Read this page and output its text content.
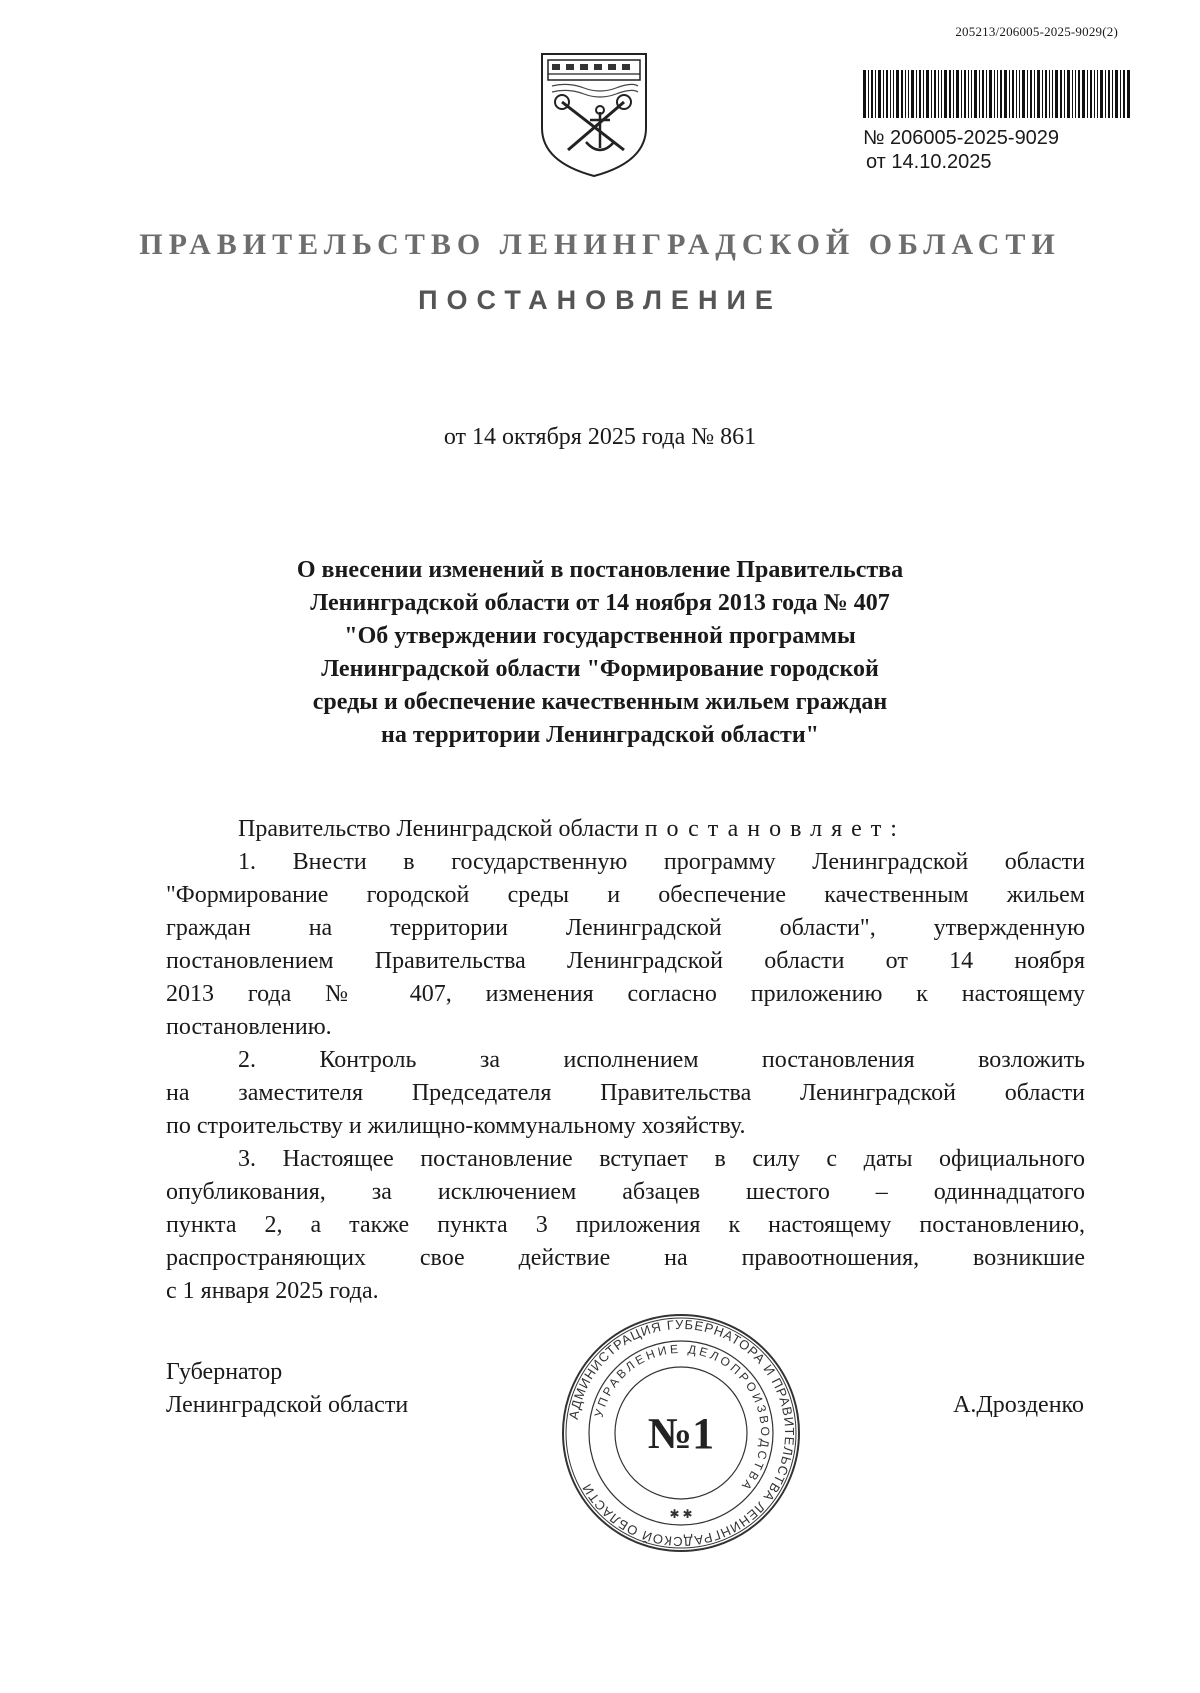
205213/206005-2025-9029(2)
№ 206005-2025-9029
от 14.10.2025
ПРАВИТЕЛЬСТВО ЛЕНИНГРАДСКОЙ ОБЛАСТИ
ПОСТАНОВЛЕНИЕ
от 14 октября 2025 года № 861
О внесении изменений в постановление Правительства
Ленинградской области от 14 ноября 2013 года № 407
"Об утверждении государственной программы
Ленинградской области "Формирование городской
среды и обеспечение качественным жильем граждан
на территории Ленинградской области"
Правительство Ленинградской области постановляет:
1. Внести в государственную программу Ленинградской области
"Формирование городской среды и обеспечение качественным жильем
граждан на территории Ленинградской области", утвержденную
постановлением Правительства Ленинградской области от 14 ноября
2013 года № 407, изменения согласно приложению к настоящему
постановлению.
2. Контроль за исполнением постановления возложить
на заместителя Председателя Правительства Ленинградской области
по строительству и жилищно-коммунальному хозяйству.
3. Настоящее постановление вступает в силу с даты официального
опубликования, за исключением абзацев шестого – одиннадцатого
пункта 2, а также пункта 3 приложения к настоящему постановлению,
распространяющих свое действие на правоотношения, возникшие
с 1 января 2025 года.
Губернатор
Ленинградской области	А.Дрозденко
АДМИНИСТРАЦИЯ ГУБЕРНАТОРА И ПРАВИТЕЛЬСТВА ЛЕНИНГРАДСКОЙ ОБЛАСТИ
УПРАВЛЕНИЕ ДЕЛОПРОИЗВОДСТВА
№1
✱ ✱
